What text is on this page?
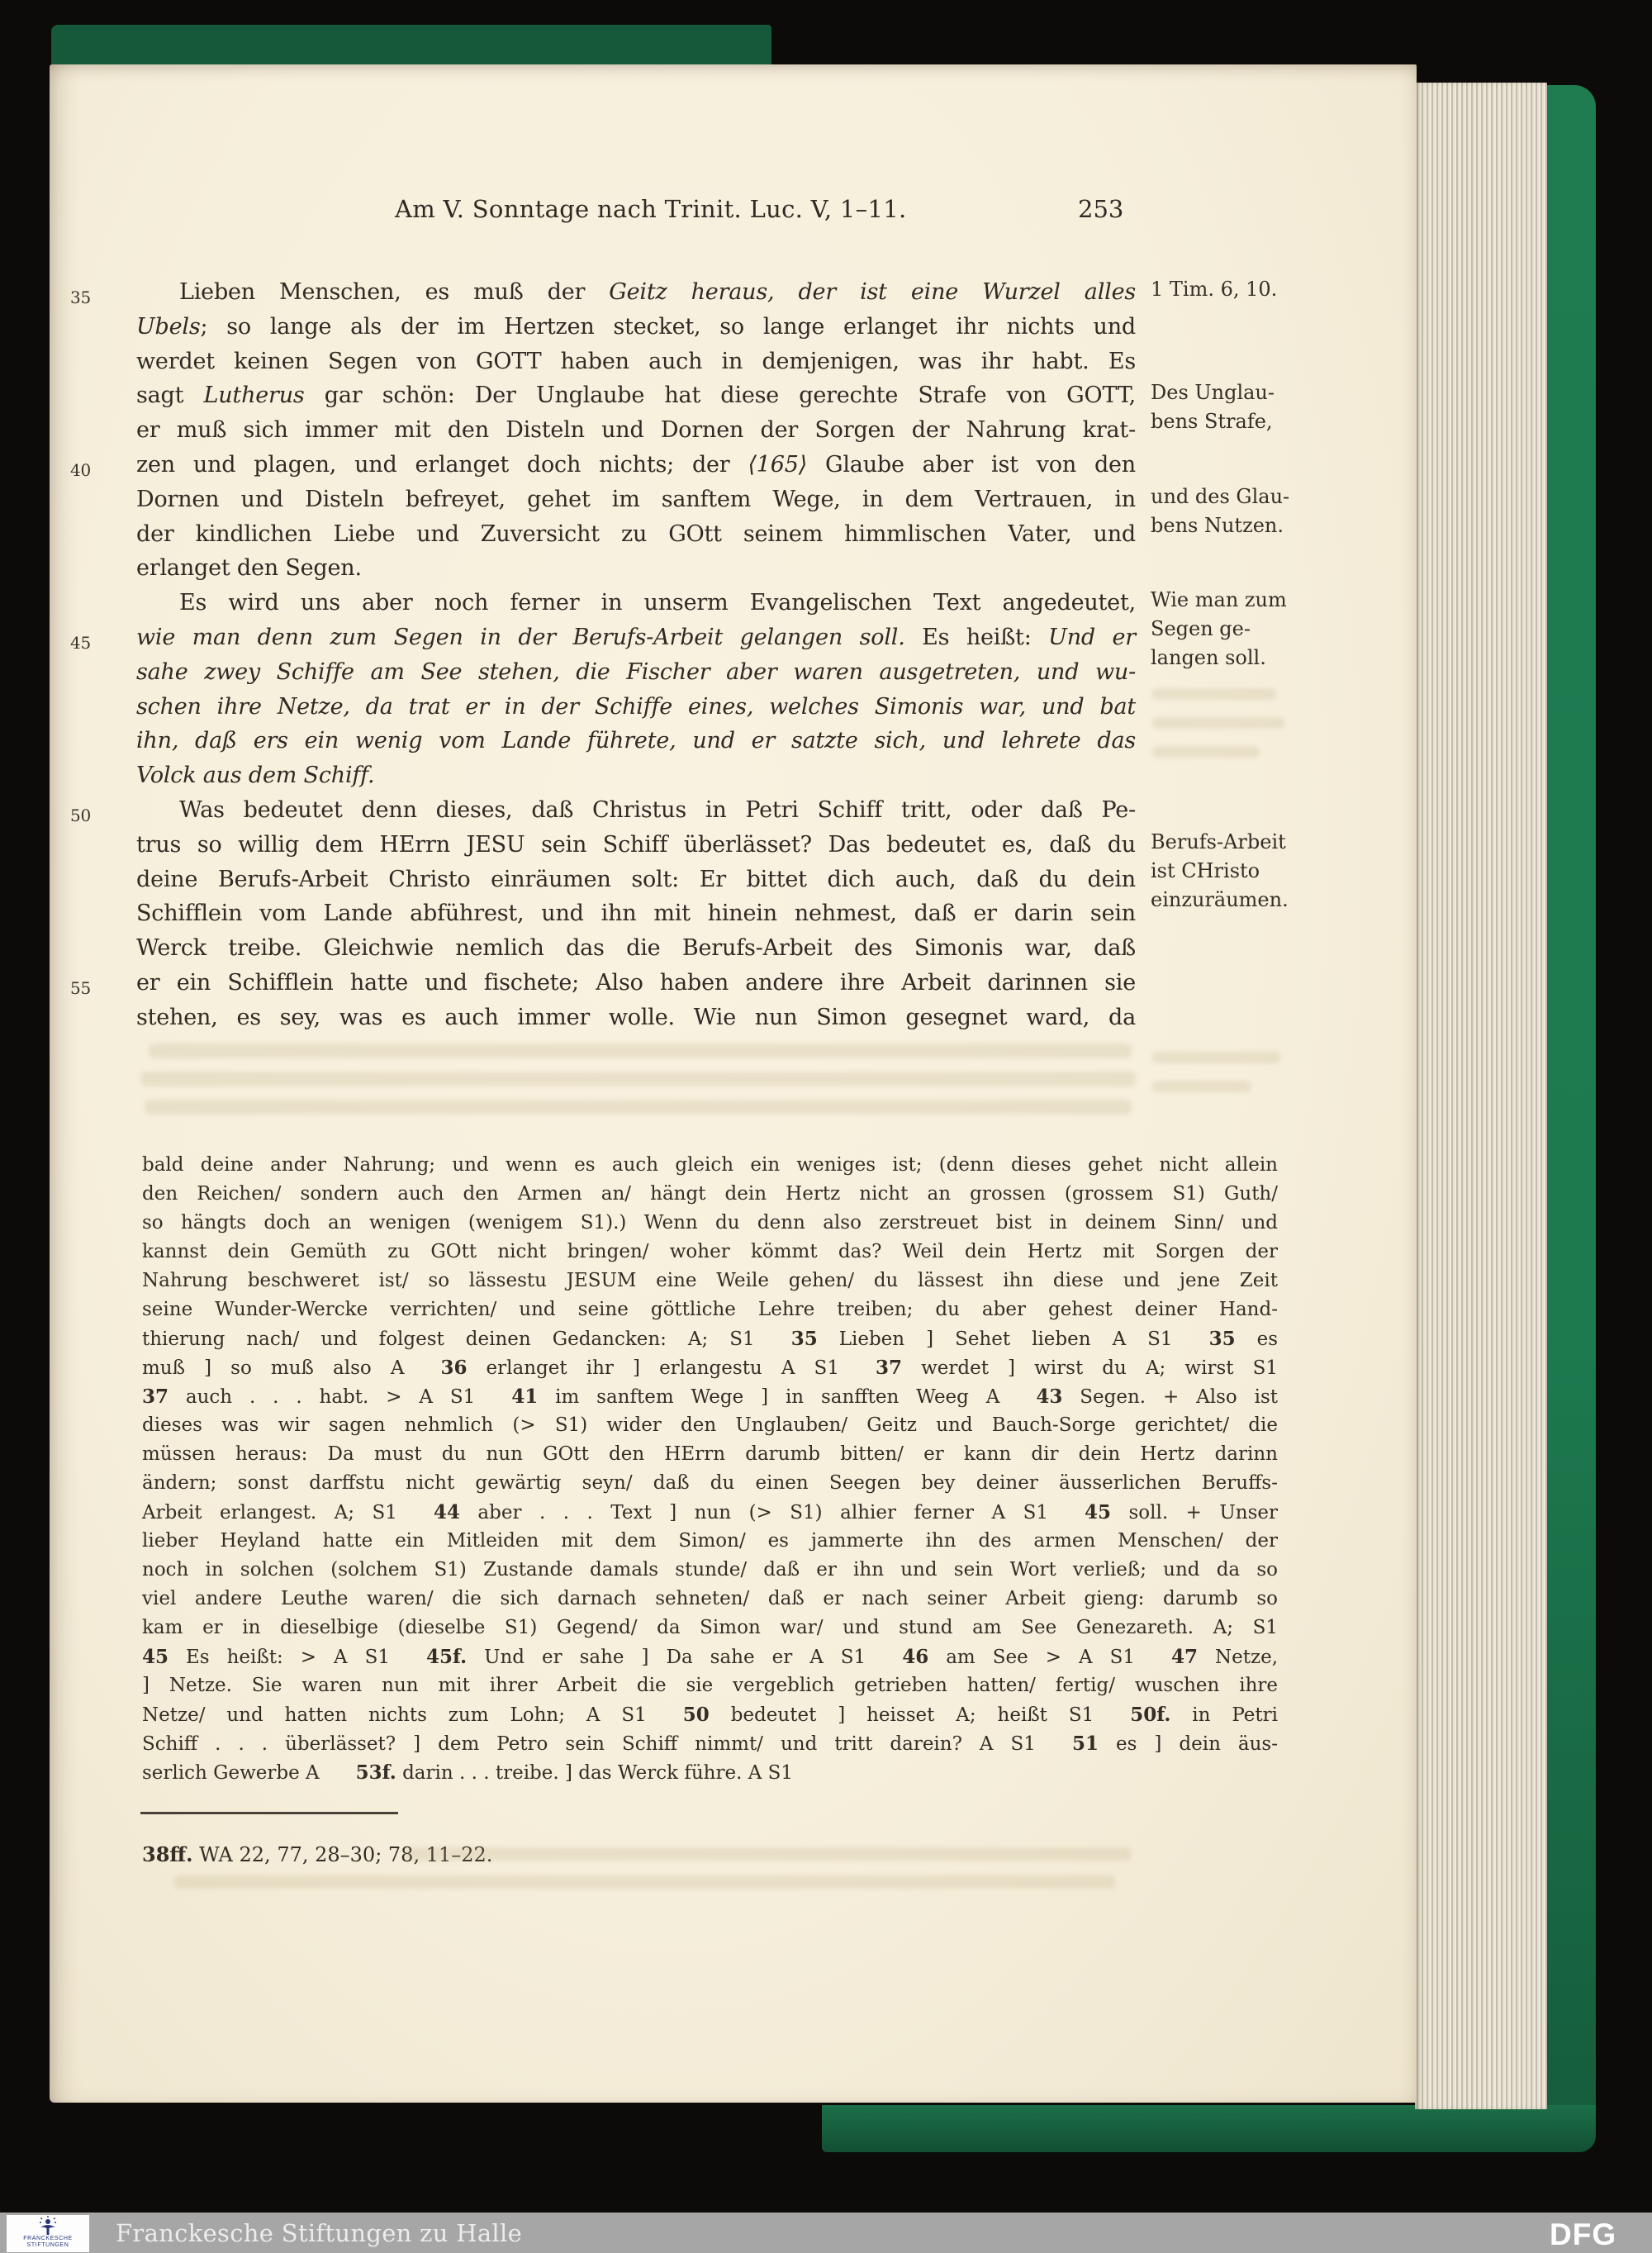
Am V. Sonntage nach Trinit. Luc. V, 1–11.	253
35	Lieben Menschen, es muß der Geitz heraus, der ist eine Wurzel alles
Ubels; so lange als der im Hertzen stecket, so lange erlanget ihr nichts und
werdet keinen Segen von GOTT haben auch in demjenigen, was ihr habt. Es
sagt Lutherus gar schön: Der Unglaube hat diese gerechte Strafe von GOTT,
er muß sich immer mit den Disteln und Dornen der Sorgen der Nahrung krat-
40	zen und plagen, und erlanget doch nichts; der ⟨165⟩ Glaube aber ist von den
Dornen und Disteln befreyet, gehet im sanftem Wege, in dem Vertrauen, in
der kindlichen Liebe und Zuversicht zu GOtt seinem himmlischen Vater, und
erlanget den Segen.
Es wird uns aber noch ferner in unserm Evangelischen Text angedeutet,
45	wie man denn zum Segen in der Berufs-Arbeit gelangen soll. Es heißt: Und er
sahe zwey Schiffe am See stehen, die Fischer aber waren ausgetreten, und wu-
schen ihre Netze, da trat er in der Schiffe eines, welches Simonis war, und bat
ihn, daß ers ein wenig vom Lande führete, und er satzte sich, und lehrete das
Volck aus dem Schiff.
50	Was bedeutet denn dieses, daß Christus in Petri Schiff tritt, oder daß Pe-
trus so willig dem HErrn JESU sein Schiff überlässet? Das bedeutet es, daß du
deine Berufs-Arbeit Christo einräumen solt: Er bittet dich auch, daß du dein
Schifflein vom Lande abführest, und ihn mit hinein nehmest, daß er darin sein
Werck treibe. Gleichwie nemlich das die Berufs-Arbeit des Simonis war, daß
55	er ein Schifflein hatte und fischete; Also haben andere ihre Arbeit darinnen sie
stehen, es sey, was es auch immer wolle. Wie nun Simon gesegnet ward, da
1 Tim. 6, 10.
Des Unglau-
bens Strafe,
und des Glau-
bens Nutzen.
Wie man zum
Segen ge-
langen soll.
Berufs-Arbeit
ist CHristo
einzuräumen.
bald deine ander Nahrung; und wenn es auch gleich ein weniges ist; (denn dieses gehet nicht allein
den Reichen/ sondern auch den Armen an/ hängt dein Hertz nicht an grossen (grossem S1) Guth/
so hängts doch an wenigen (wenigem S1).) Wenn du denn also zerstreuet bist in deinem Sinn/ und
kannst dein Gemüth zu GOtt nicht bringen/ woher kömmt das? Weil dein Hertz mit Sorgen der
Nahrung beschweret ist/ so lässestu JESUM eine Weile gehen/ du lässest ihn diese und jene Zeit
seine Wunder-Wercke verrichten/ und seine göttliche Lehre treiben; du aber gehest deiner Hand-
thierung nach/ und folgest deinen Gedancken: A; S1 35 Lieben ] Sehet lieben A S1 35 es
muß ] so muß also A 36 erlanget ihr ] erlangestu A S1 37 werdet ] wirst du A; wirst S1
37 auch . . . habt. > A S1 41 im sanftem Wege ] in sanfften Weeg A 43 Segen. + Also ist
dieses was wir sagen nehmlich (> S1) wider den Unglauben/ Geitz und Bauch-Sorge gerichtet/ die
müssen heraus: Da must du nun GOtt den HErrn darumb bitten/ er kann dir dein Hertz darinn
ändern; sonst darffstu nicht gewärtig seyn/ daß du einen Seegen bey deiner äusserlichen Beruffs-
Arbeit erlangest. A; S1 44 aber . . . Text ] nun (> S1) alhier ferner A S1 45 soll. + Unser
lieber Heyland hatte ein Mitleiden mit dem Simon/ es jammerte ihn des armen Menschen/ der
noch in solchen (solchem S1) Zustande damals stunde/ daß er ihn und sein Wort verließ; und da so
viel andere Leuthe waren/ die sich darnach sehneten/ daß er nach seiner Arbeit gieng: darumb so
kam er in dieselbige (dieselbe S1) Gegend/ da Simon war/ und stund am See Genezareth. A; S1
45 Es heißt: > A S1 45f. Und er sahe ] Da sahe er A S1 46 am See > A S1 47 Netze,
] Netze. Sie waren nun mit ihrer Arbeit die sie vergeblich getrieben hatten/ fertig/ wuschen ihre
Netze/ und hatten nichts zum Lohn; A S1 50 bedeutet ] heisset A; heißt S1 50f. in Petri
Schiff . . . überlässet? ] dem Petro sein Schiff nimmt/ und tritt darein? A S1 51 es ] dein äus-
serlich Gewerbe A 53f. darin . . . treibe. ] das Werck führe. A S1
38ff. WA 22, 77, 28–30; 78, 11–22.
FRANCKESCHE
STIFTUNGEN Franckesche Stiftungen zu Halle	DFG
